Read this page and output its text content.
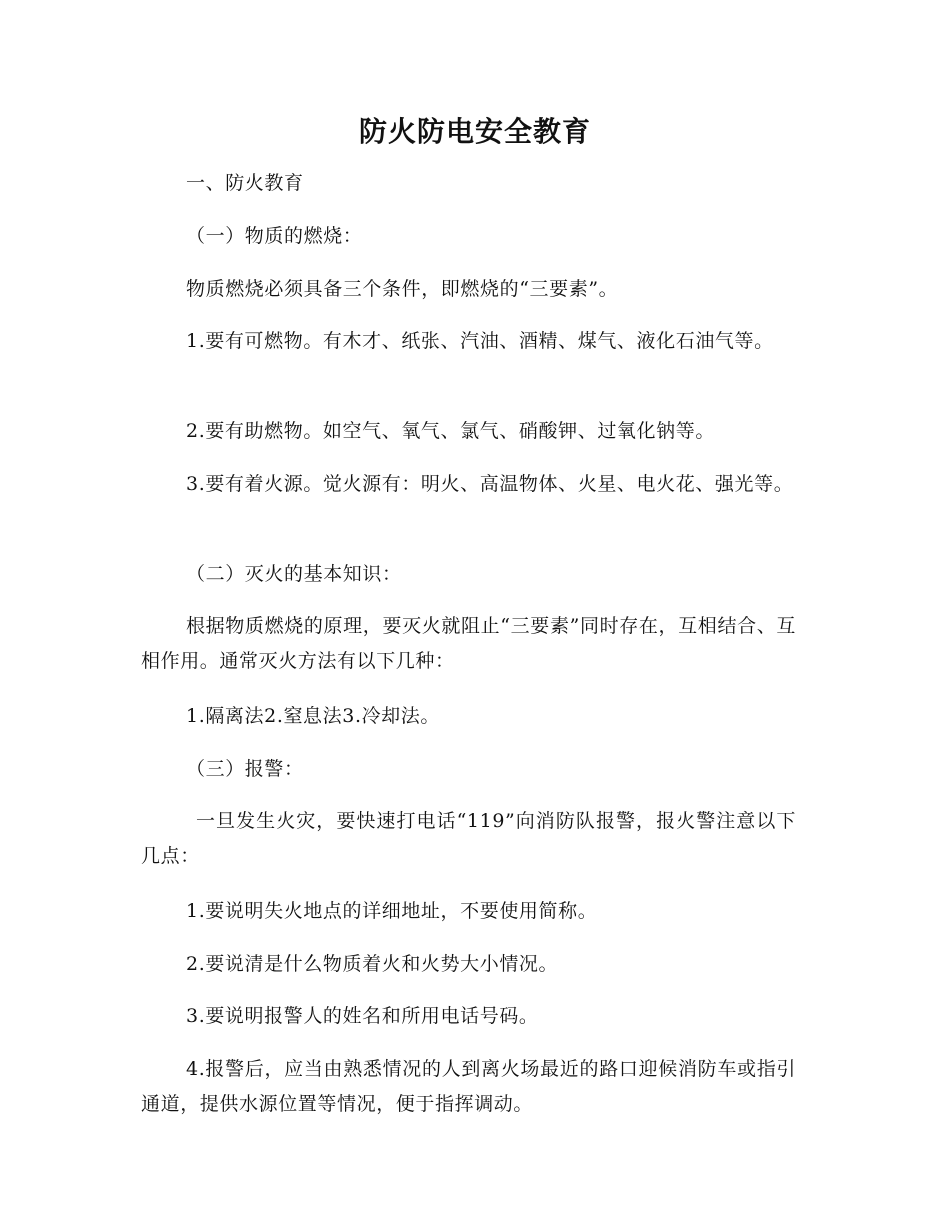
防火防电安全教育

一、防火教育

（一）物质的燃烧：

物质燃烧必须具备三个条件，即燃烧的“三要素”。

1.要有可燃物。有木才、纸张、汽油、酒精、煤气、液化石油气等。

2.要有助燃物。如空气、氧气、氯气、硝酸钾、过氧化钠等。

3.要有着火源。觉火源有：明火、高温物体、火星、电火花、强光等。

（二）灭火的基本知识：

根据物质燃烧的原理，要灭火就阻止“三要素”同时存在，互相结合、互相作用。通常灭火方法有以下几种：

1.隔离法2.窒息法3.冷却法。

（三）报警：

一旦发生火灾，要快速打电话“119”向消防队报警，报火警注意以下几点：

1.要说明失火地点的详细地址，不要使用简称。

2.要说清是什么物质着火和火势大小情况。

3.要说明报警人的姓名和所用电话号码。

4.报警后，应当由熟悉情况的人到离火场最近的路口迎候消防车或指引通道，提供水源位置等情况，便于指挥调动。
